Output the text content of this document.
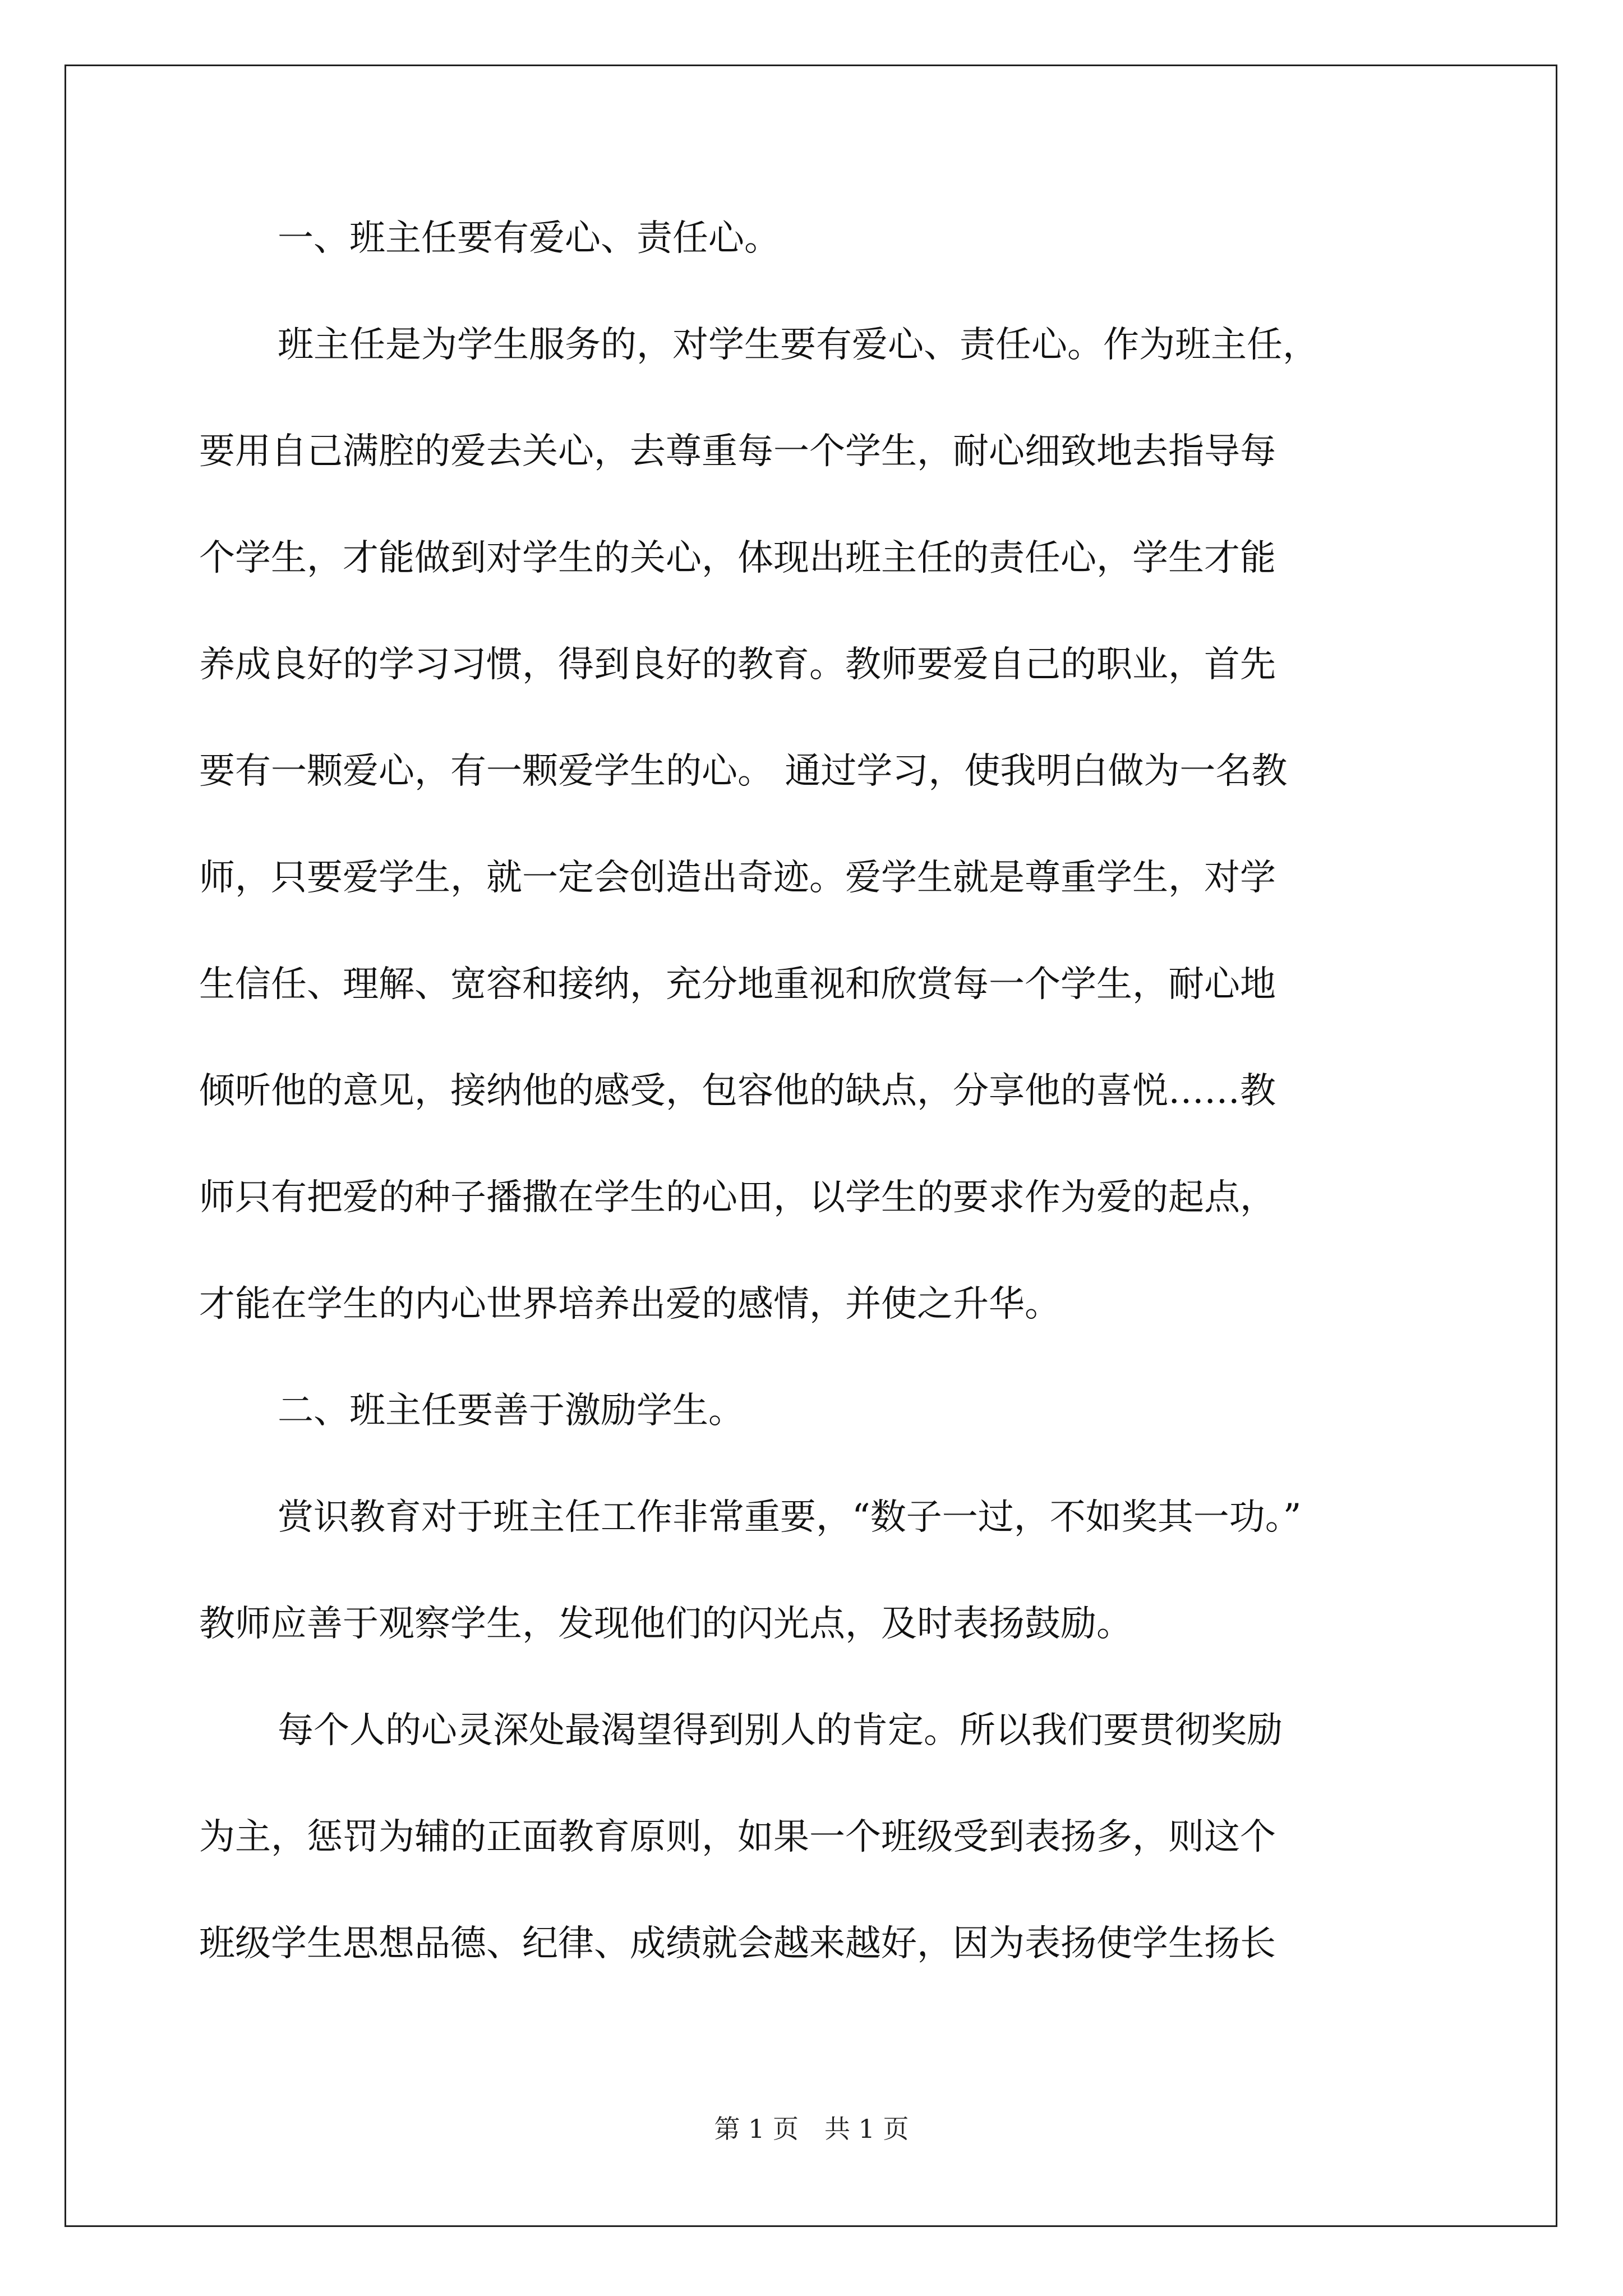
一、班主任要有爱心、责任心。
班主任是为学生服务的，对学生要有爱心、责任心。作为班主任，
要用自己满腔的爱去关心，去尊重每一个学生，耐心细致地去指导每
个学生，才能做到对学生的关心，体现出班主任的责任心，学生才能
养成良好的学习习惯，得到良好的教育。教师要爱自己的职业，首先
要有一颗爱心，有一颗爱学生的心。 通过学习，使我明白做为一名教
师，只要爱学生，就一定会创造出奇迹。爱学生就是尊重学生，对学
生信任、理解、宽容和接纳，充分地重视和欣赏每一个学生，耐心地
倾听他的意见，接纳他的感受，包容他的缺点，分享他的喜悦……教
师只有把爱的种子播撒在学生的心田，以学生的要求作为爱的起点，
才能在学生的内心世界培养出爱的感情，并使之升华。
二、班主任要善于激励学生。
赏识教育对于班主任工作非常重要，“数子一过，不如奖其一功。”
教师应善于观察学生，发现他们的闪光点，及时表扬鼓励。
每个人的心灵深处最渴望得到别人的肯定。所以我们要贯彻奖励
为主，惩罚为辅的正面教育原则，如果一个班级受到表扬多，则这个
班级学生思想品德、纪律、成绩就会越来越好，因为表扬使学生扬长
第 1 页　共 1 页
